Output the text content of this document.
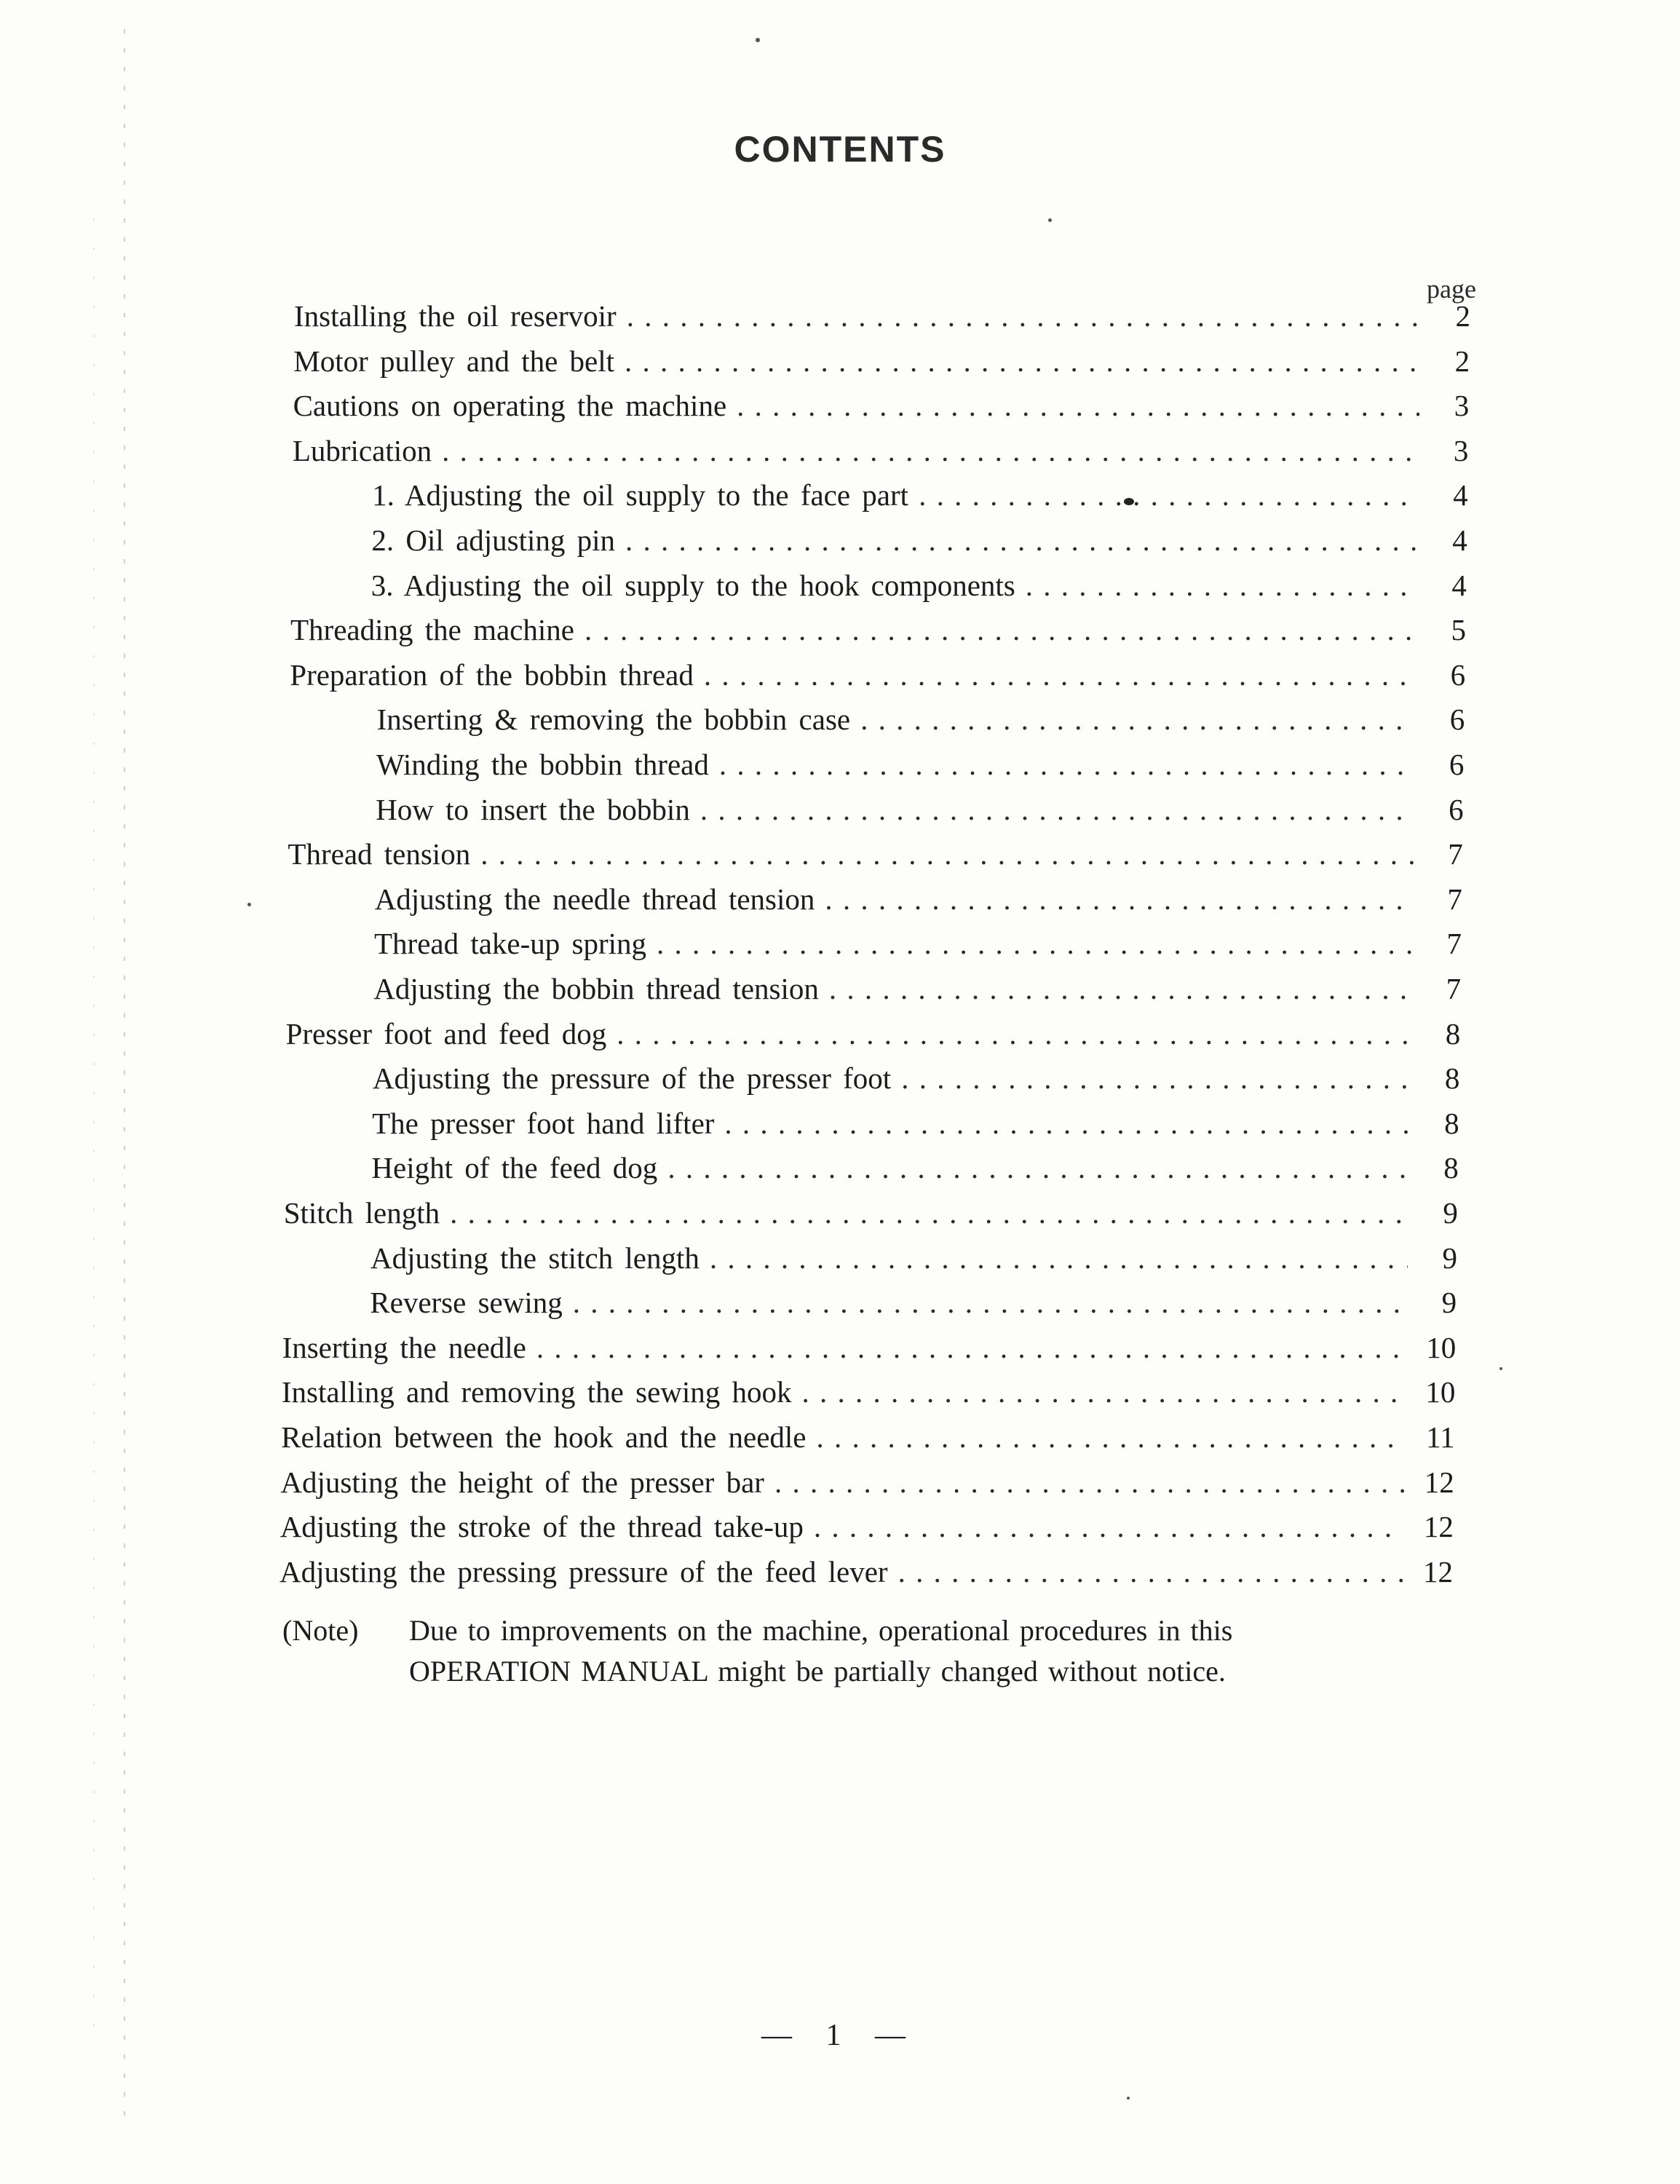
CONTENTS
page
Installing the oil reservoir . . .	2
Motor pulley and the belt . . .	2
Cautions on operating the machine . . .	3
Lubrication . . .	3
1. Adjusting the oil supply to the face part . . .	4
2. Oil adjusting pin . . .	4
3. Adjusting the oil supply to the hook components . . .	4
Threading the machine . . .	5
Preparation of the bobbin thread . . .	6
Inserting & removing the bobbin case . . .	6
Winding the bobbin thread . . .	6
How to insert the bobbin . . .	6
Thread tension . . .	7
Adjusting the needle thread tension . . .	7
Thread take-up spring . . .	7
Adjusting the bobbin thread tension . . .	7
Presser foot and feed dog . . .	8
Adjusting the pressure of the presser foot . . .	8
The presser foot hand lifter . . .	8
Height of the feed dog . . .	8
Stitch length . . .	9
Adjusting the stitch length . . .	9
Reverse sewing . . .	9
Inserting the needle . . .	10
Installing and removing the sewing hook . . .	10
Relation between the hook and the needle . . .	11
Adjusting the height of the presser bar . . .	12
Adjusting the stroke of the thread take-up . . .	12
Adjusting the pressing pressure of the feed lever . . .	12
(Note)	Due to improvements on the machine, operational procedures in this OPERATION MANUAL might be partially changed without notice.
— 1 —
